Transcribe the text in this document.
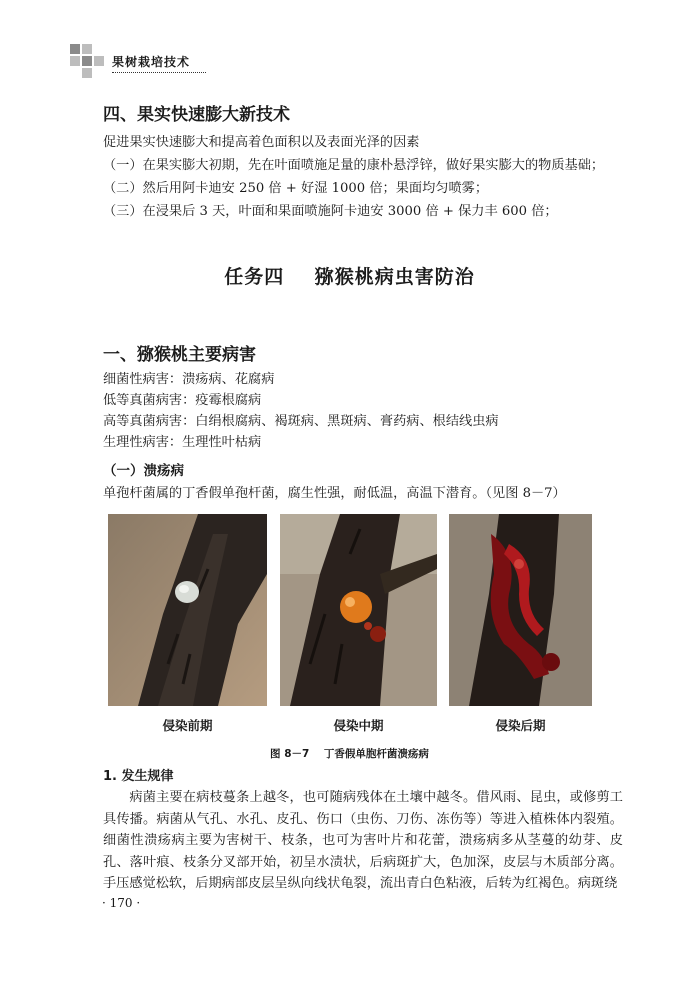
果树栽培技术
四、果实快速膨大新技术
促进果实快速膨大和提高着色面积以及表面光泽的因素
（一）在果实膨大初期，先在叶面喷施足量的康朴悬浮锌，做好果实膨大的物质基础；
（二）然后用阿卡迪安 250 倍 + 好湿 1000 倍；果面均匀喷雾；
（三）在浸果后 3 天，叶面和果面喷施阿卡迪安 3000 倍 + 保力丰 600 倍；
任务四    猕猴桃病虫害防治
一、猕猴桃主要病害
细菌性病害：溃疡病、花腐病
低等真菌病害：疫霉根腐病
高等真菌病害：白绢根腐病、褐斑病、黑斑病、膏药病、根结线虫病
生理性病害：生理性叶枯病
（一）溃疡病
单孢杆菌属的丁香假单孢杆菌，腐生性强，耐低温，高温下潜育。（见图 8－7）
侵染前期	侵染中期	侵染后期
图 8－7    丁香假单胞杆菌溃疡病
1. 发生规律
病菌主要在病枝蔓条上越冬，也可随病残体在土壤中越冬。借风雨、昆虫，或修剪工具传播。病菌从气孔、水孔、皮孔、伤口（虫伤、刀伤、冻伤等）等进入植株体内裂殖。细菌性溃疡病主要为害树干、枝条，也可为害叶片和花蕾，溃疡病多从茎蔓的幼芽、皮孔、落叶痕、枝条分叉部开始，初呈水渍状，后病斑扩大，色加深，皮层与木质部分离。手压感觉松软，后期病部皮层呈纵向线状龟裂，流出青白色粘液，后转为红褐色。病斑绕
· 170 ·
